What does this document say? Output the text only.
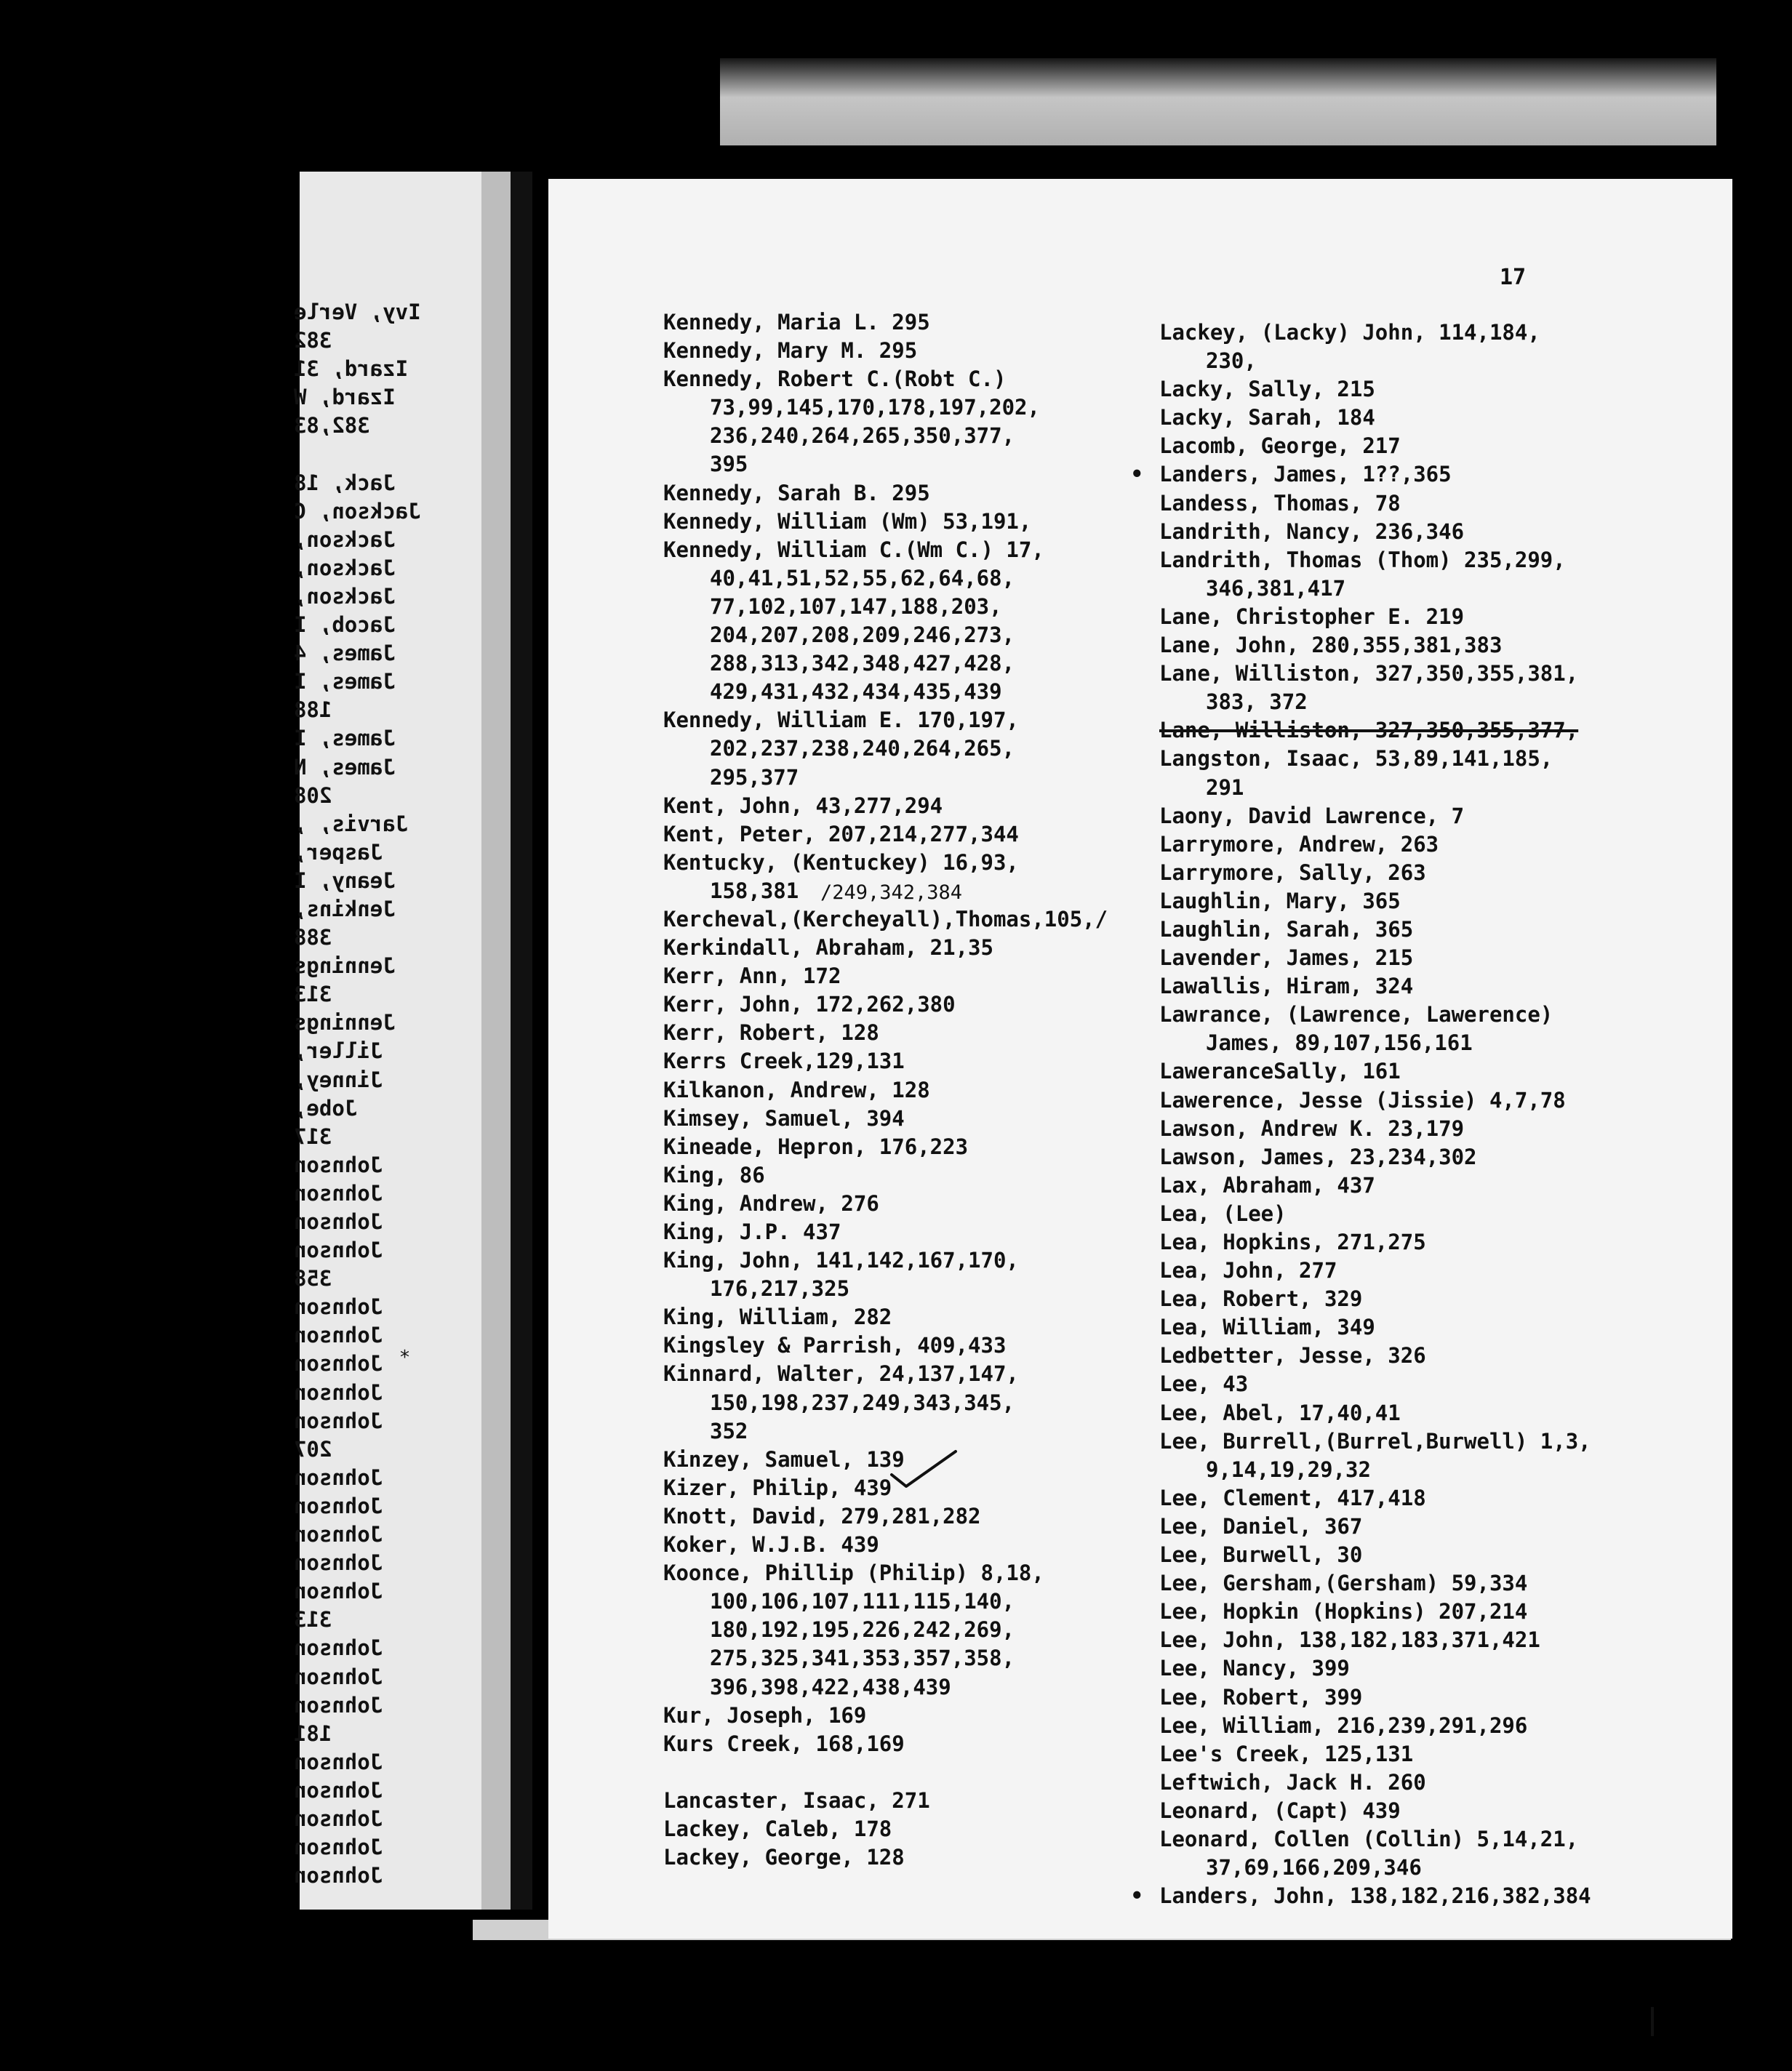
Ivy, Verle
382
Izard, 31
Izard, W
382,83
Jack, 18
Jackson, C
Jackson,
Jackson,
Jackson,
Jacob, I
James, 4
James, I
188
James, I
James, N
208
Jarvis, ,
Jasper,
Jeany, I
Jenkins,
388
Jennings
313
Jennings
Jiller,
Jinney,
Jobe,
317
Johnson
Johnson
Johnson
Johnson
358
Johnson
Johnson
Johnson
Johnson
Johnson
207
Johnson
Johnson
Johnson
Johnson
Johnson
313
Johnson
Johnson
Johnson
181
Johnson
Johnson
Johnson
Johnson
Johnson
*
17
Kennedy, Maria L. 295
Kennedy, Mary M. 295
Kennedy, Robert C.(Robt C.)
73,99,145,170,178,197,202,
236,240,264,265,350,377,
395
Kennedy, Sarah B. 295
Kennedy, William (Wm) 53,191,
Kennedy, William C.(Wm C.) 17,
40,41,51,52,55,62,64,68,
77,102,107,147,188,203,
204,207,208,209,246,273,
288,313,342,348,427,428,
429,431,432,434,435,439
Kennedy, William E. 170,197,
202,237,238,240,264,265,
295,377
Kent, John, 43,277,294
Kent, Peter, 207,214,277,344
Kentucky, (Kentuckey) 16,93,
158,381
Kercheval,(Kercheyall),Thomas,105,/
Kerkindall, Abraham, 21,35
Kerr, Ann, 172
Kerr, John, 172,262,380
Kerr, Robert, 128
Kerrs Creek,129,131
Kilkanon, Andrew, 128
Kimsey, Samuel, 394
Kineade, Hepron, 176,223
King, 86
King, Andrew, 276
King, J.P. 437
King, John, 141,142,167,170,
176,217,325
King, William, 282
Kingsley & Parrish, 409,433
Kinnard, Walter, 24,137,147,
150,198,237,249,343,345,
352
Kinzey, Samuel, 139
Kizer, Philip, 439
Knott, David, 279,281,282
Koker, W.J.B. 439
Koonce, Phillip (Philip) 8,18,
100,106,107,111,115,140,
180,192,195,226,242,269,
275,325,341,353,357,358,
396,398,422,438,439
Kur, Joseph, 169
Kurs Creek, 168,169
Lancaster, Isaac, 271
Lackey, Caleb, 178
Lackey, George, 128
Lackey, (Lacky) John, 114,184,
230,
Lacky, Sally, 215
Lacky, Sarah, 184
Lacomb, George, 217
• Landers, James, 1??,365
Landess, Thomas, 78
Landrith, Nancy, 236,346
Landrith, Thomas (Thom) 235,299,
346,381,417
Lane, Christopher E. 219
Lane, John, 280,355,381,383
Lane, Williston, 327,350,355,381,
383, 372
Lane, Williston, 327,350,355,377,
Langston, Isaac, 53,89,141,185,
291
Laony, David Lawrence, 7
Larrymore, Andrew, 263
Larrymore, Sally, 263
Laughlin, Mary, 365
Laughlin, Sarah, 365
Lavender, James, 215
Lawallis, Hiram, 324
Lawrance, (Lawrence, Lawerence)
James, 89,107,156,161
LaweranceSally, 161
Lawerence, Jesse (Jissie) 4,7,78
Lawson, Andrew K. 23,179
Lawson, James, 23,234,302
Lax, Abraham, 437
Lea, (Lee)
Lea, Hopkins, 271,275
Lea, John, 277
Lea, Robert, 329
Lea, William, 349
Ledbetter, Jesse, 326
Lee, 43
Lee, Abel, 17,40,41
Lee, Burrell,(Burrel,Burwell) 1,3,
9,14,19,29,32
Lee, Clement, 417,418
Lee, Daniel, 367
Lee, Burwell, 30
Lee, Gersham,(Gersham) 59,334
Lee, Hopkin (Hopkins) 207,214
Lee, John, 138,182,183,371,421
Lee, Nancy, 399
Lee, Robert, 399
Lee, William, 216,239,291,296
Lee's Creek, 125,131
Leftwich, Jack H. 260
Leonard, (Capt) 439
Leonard, Collen (Collin) 5,14,21,
37,69,166,209,346
• Landers, John, 138,182,216,382,384
/249,342,384
